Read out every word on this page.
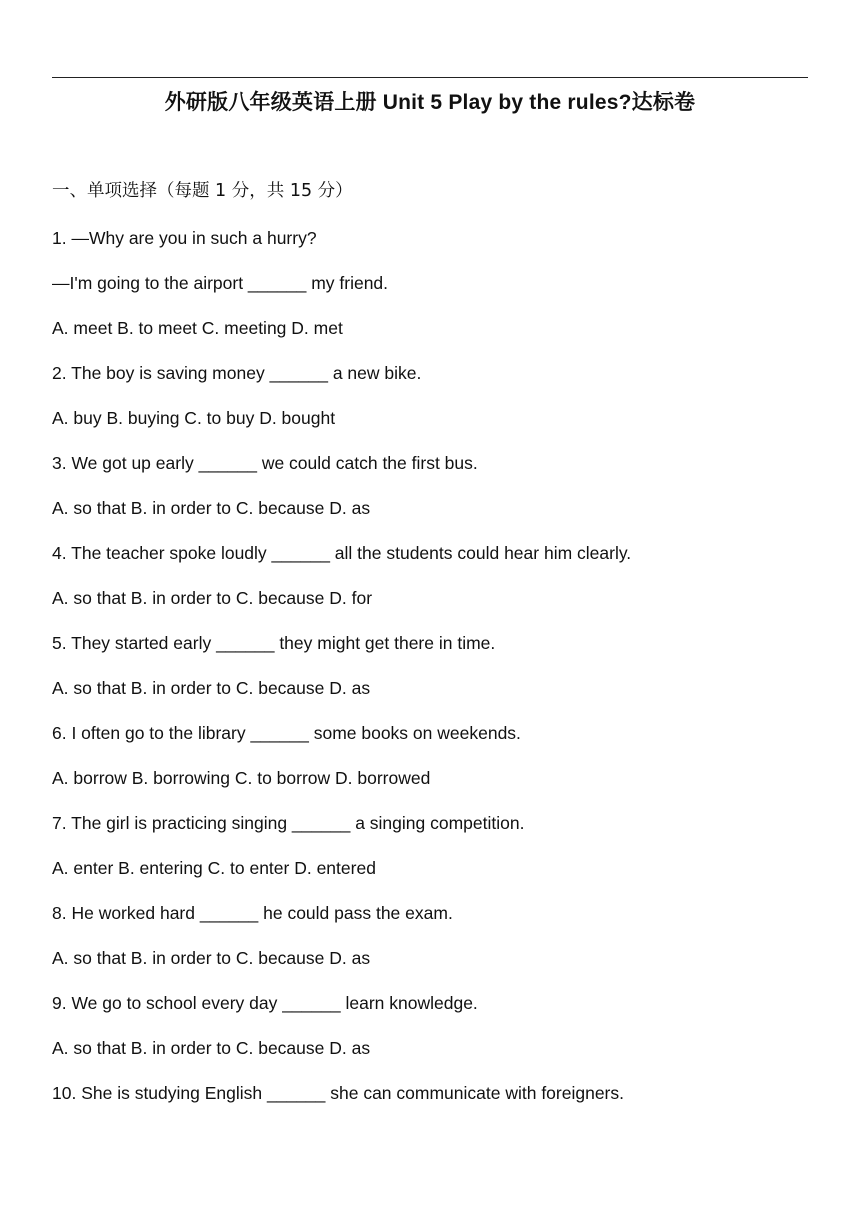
外研版八年级英语上册 Unit 5 Play by the rules?达标卷
一、单项选择（每题 1 分，共 15 分）
1. —Why are you in such a hurry?
—I'm going to the airport ______ my friend.
A. meet B. to meet C. meeting D. met
2. The boy is saving money ______ a new bike.
A. buy B. buying C. to buy D. bought
3. We got up early ______ we could catch the first bus.
A. so that B. in order to C. because D. as
4. The teacher spoke loudly ______ all the students could hear him clearly.
A. so that B. in order to C. because D. for
5. They started early ______ they might get there in time.
A. so that B. in order to C. because D. as
6. I often go to the library ______ some books on weekends.
A. borrow B. borrowing C. to borrow D. borrowed
7. The girl is practicing singing ______ a singing competition.
A. enter B. entering C. to enter D. entered
8. He worked hard ______ he could pass the exam.
A. so that B. in order to C. because D. as
9. We go to school every day ______ learn knowledge.
A. so that B. in order to C. because D. as
10. She is studying English ______ she can communicate with foreigners.
